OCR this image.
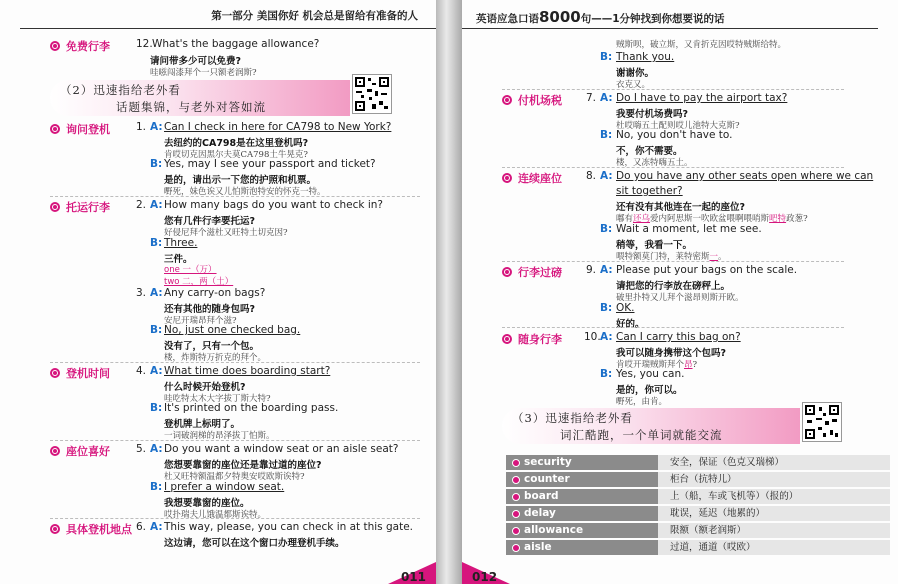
第一部分 美国你好 机会总是留给有准备的人
免费行李 12. What's the baggage allowance?
请问带多少可以免费?
哇嗞闯漆拜个一只额老润斯?
（2）迅速指给老外看
话题集锦，与老外对答如流
询问登机 1. A: Can I check in here for CA798 to New York?
去纽约的CA798是在这里登机吗?
肯哎切克因黑尔夫莫CA798土牛晃克?
B: Yes, may I see your passport and ticket?
是的，请出示一下您的护照和机票。
嘢死，妹色诶又儿怕斯泡特安的怀克一特。
托运行李 2. A: How many bags do you want to check in?
您有几件行李要托运?
好侵尼拜个滋杜又旺特土切克因?
B: Three.
三件。
one 一（万）
two 二，两（土）
3. A: Any carry-on bags?
还有其他的随身包吗?
安尼开瑞昂拜个滋?
B: No, just one checked bag.
没有了，只有一个包。
楼，炸斯特万折克的拜个。
登机时间 4. A: What time does boarding start?
什么时候开始登机?
哇吃特太木大字拔丁斯大特?
B: It's printed on the boarding pass.
登机牌上标明了。
一词破润梯的昂泽拔丁怕斯。
座位喜好 5. A: Do you want a window seat or an aisle seat?
您想要靠窗的座位还是靠过道的座位?
杜又旺特额温都夕特奥安哎欧斯诶特?
B: I prefer a window seat.
我想要靠窗的座位。
哎扑瑞夫儿饿温都斯诶特。
具体登机地点 6. A: This way, please, you can check in at this gate.
这边请，您可以在这个窗口办理登机手续。
011
英语应急口语8000句——1分钟找到你想要说的话
贼斯呗，破立斯，又肯折克因哎特贼斯给特。
B: Thank you.
谢谢你。
衣克又。
付机场税 7. A: Do I have to pay the airport tax?
我要付机场费吗?
杜哎嗨五土配则哎儿池特大克斯?
B: No, you don't have to.
不，你不需要。
楼，又冻特嗨五土。
连续座位 8. A: Do you have any other seats open where we can
sit together?
还有没有其他连在一起的座位?
嘟有还乌爱内阿思斯一吹欧盆喂啊喂哨斯吧特政葱?
B: Wait a moment, let me see.
稍等，我看一下。
喂特额莫门特，莱特密斯一。
行李过磅 9. A: Please put your bags on the scale.
请把您的行李放在磅秤上。
破里扑特又儿拜个滋昂则斯开欧。
B: OK.
好的。
随身行李 10. A: Can I carry this bag on?
我可以随身携带这个包吗?
肯哎开瑞贼斯拜个昂?
B: Yes, you can.
是的，你可以。
嘢死，由肯。
（3）迅速指给老外看
词汇酷跑，一个单词就能交流
security	安全，保证（色克又瑞梯）
counter	柜台（抗特儿）
board	上（船，车或飞机等）（报的）
delay	耽误，延迟（地累的）
allowance	限额（额老润斯）
aisle	过道，通道（哎欧）
012
